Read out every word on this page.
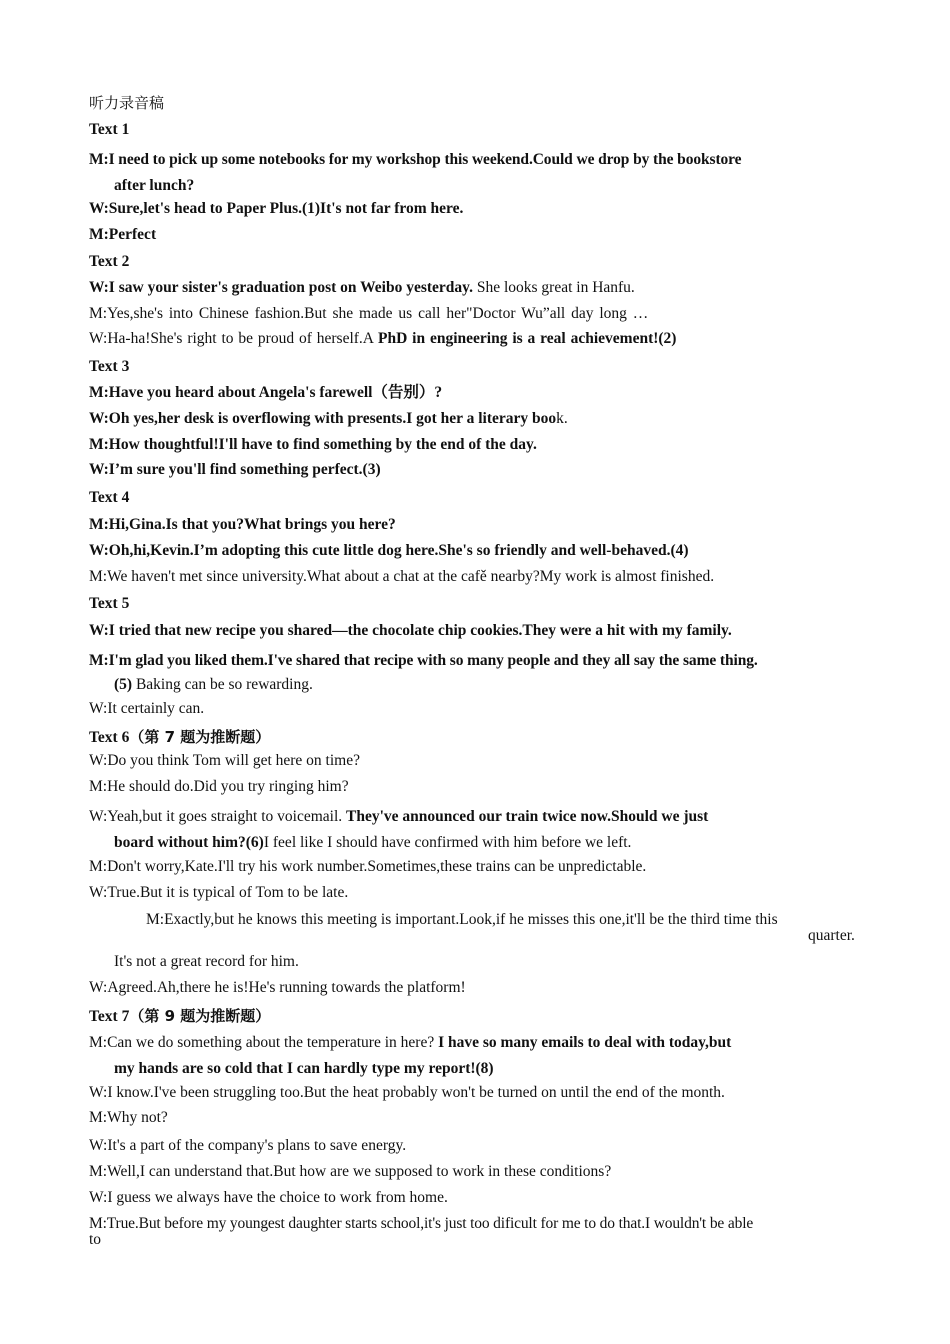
听力录音稿
Text 1
M:I need to pick up some notebooks for my workshop this weekend.Could we drop by the bookstore
after lunch?
W:Sure,let's head to Paper Plus.(1)It's not far from here.
M:Perfect
Text 2
W:I saw your sister's graduation post on Weibo yesterday. She looks great in Hanfu.
M:Yes,she's into Chinese fashion.But she made us call her"Doctor Wu”all day long …
W:Ha-ha!She's right to be proud of herself.A PhD in engineering is a real achievement!(2)
Text 3
M:Have you heard about Angela's farewell（告别）?
W:Oh yes,her desk is overflowing with presents.I got her a literary book.
M:How thoughtful!I'll have to find something by the end of the day.
W:I’m sure you'll find something perfect.(3)
Text 4
M:Hi,Gina.Is that you?What brings you here?
W:Oh,hi,Kevin.I’m adopting this cute little dog here.She's so friendly and well-behaved.(4)
M:We haven't met since university.What about a chat at the cafě nearby?My work is almost finished.
Text 5
W:I tried that new recipe you shared—the chocolate chip cookies.They were a hit with my family.
M:I'm glad you liked them.I've shared that recipe with so many people and they all say the same thing.
(5) Baking can be so rewarding.
W:It certainly can.
Text 6（第 7 题为推断题）
W:Do you think Tom will get here on time?
M:He should do.Did you try ringing him?
W:Yeah,but it goes straight to voicemail. They've announced our train twice now.Should we just
board without him?(6)I feel like I should have confirmed with him before we left.
M:Don't worry,Kate.I'll try his work number.Sometimes,these trains can be unpredictable.
W:True.But it is typical of Tom to be late.
M:Exactly,but he knows this meeting is important.Look,if he misses this one,it'll be the third time this
quarter.
It's not a great record for him.
W:Agreed.Ah,there he is!He's running towards the platform!
Text 7（第 9 题为推断题）
M:Can we do something about the temperature in here? I have so many emails to deal with today,but
my hands are so cold that I can hardly type my report!(8)
W:I know.I've been struggling too.But the heat probably won't be turned on until the end of the month.
M:Why not?
W:It's a part of the company's plans to save energy.
M:Well,I can understand that.But how are we supposed to work in these conditions?
W:I guess we always have the choice to work from home.
M:True.But before my youngest daughter starts school,it's just too dificult for me to do that.I wouldn't be able
to
